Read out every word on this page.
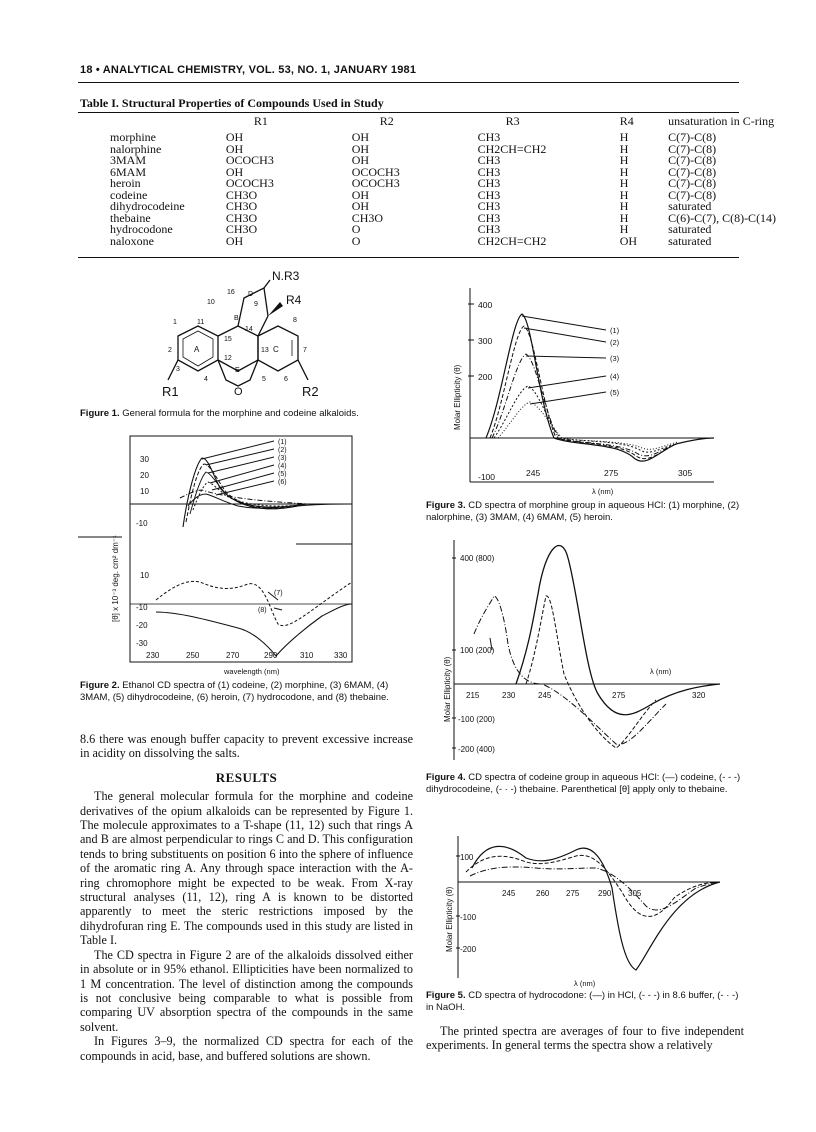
18 • ANALYTICAL CHEMISTRY, VOL. 53, NO. 1, JANUARY 1981
Table I. Structural Properties of Compounds Used in Study
	R1	R2	R3	R4	unsaturation in C-ring
morphine	OH	OH	CH3	H	C(7)-C(8)
nalorphine	OH	OH	CH2CH=CH2	H	C(7)-C(8)
3MAM	OCOCH3	OH	CH3	H	C(7)-C(8)
6MAM	OH	OCOCH3	CH3	H	C(7)-C(8)
heroin	OCOCH3	OCOCH3	CH3	H	C(7)-C(8)
codeine	CH3O	OH	CH3	H	C(7)-C(8)
dihydrocodeine	CH3O	OH	CH3	H	saturated
thebaine	CH3O	CH3O	CH3	H	C(6)-C(7), C(8)-C(14)
hydrocodone	CH3O	O	CH3	H	saturated
naloxone	OH	O	CH2CH=CH2	OH	saturated
N.R3
R4
R1	R2
O
16
10	9
8
11
1
15
14
13	7
2
12
3
4	5	6
A
B
C
D
E
Figure 1. General formula for the morphine and codeine alkaloids.
30
20
10
-10
10
-10
-20
-30
230	250	270	290	310	330
wavelength (nm)
(1)
(2)
(3)
(4)
(5)
(6)
(7)
(8)
[θ] x 10⁻³ deg. cm² dm⁻¹
Figure 2. Ethanol CD spectra of (1) codeine, (2) morphine, (3) 6MAM, (4) 3MAM, (5) dihydrocodeine, (6) heroin, (7) hydrocodone, and (8) thebaine.

8.6 there was enough buffer capacity to prevent excessive increase in acidity on dissolving the salts.

RESULTS

The general molecular formula for the morphine and codeine derivatives of the opium alkaloids can be represented by Figure 1. The molecule approximates to a T-shape (11, 12) such that rings A and B are almost perpendicular to rings C and D. This configuration tends to bring substituents on position 6 into the sphere of influence of the aromatic ring A. Any through space interaction with the A-ring chromophore might be expected to be weak. From X-ray structural analyses (11, 12), ring A is known to be distorted apparently to meet the steric restrictions imposed by the dihydrofuran ring E. The compounds used in this study are listed in Table I.

The CD spectra in Figure 2 are of the alkaloids dissolved either in absolute or in 95% ethanol. Ellipticities have been normalized to 1 M concentration. The level of distinction among the compounds is not conclusive being comparable to what is possible from comparing UV absorption spectra of the compounds in the same solvent.

In Figures 3–9, the normalized CD spectra for each of the compounds in acid, base, and buffered solutions are shown.

400
300
200
-100	245	275	305
λ (nm)
(1)
(2)
(3)
(4)
(5)
Molar Ellipticity (θ)
Figure 3. CD spectra of morphine group in aqueous HCl: (1) morphine, (2) nalorphine, (3) 3MAM, (4) 6MAM, (5) heroin.
400 (800)
100 (200)
-100 (200)
-200 (400)
215	230	245	275	320
λ (nm)
Molar Ellipticity (θ)
Figure 4. CD spectra of codeine group in aqueous HCl: (—) codeine, (- - -) dihydrocodeine, (- · -) thebaine. Parenthetical [θ] apply only to thebaine.
100
-100
-200
245	260 275 290 305
λ (nm)
Molar Ellipticity (θ)
Figure 5. CD spectra of hydrocodone: (—) in HCl, (- - -) in 8.6 buffer, (- · -) in NaOH.

The printed spectra are averages of four to five independent experiments. In general terms the spectra show a relatively
